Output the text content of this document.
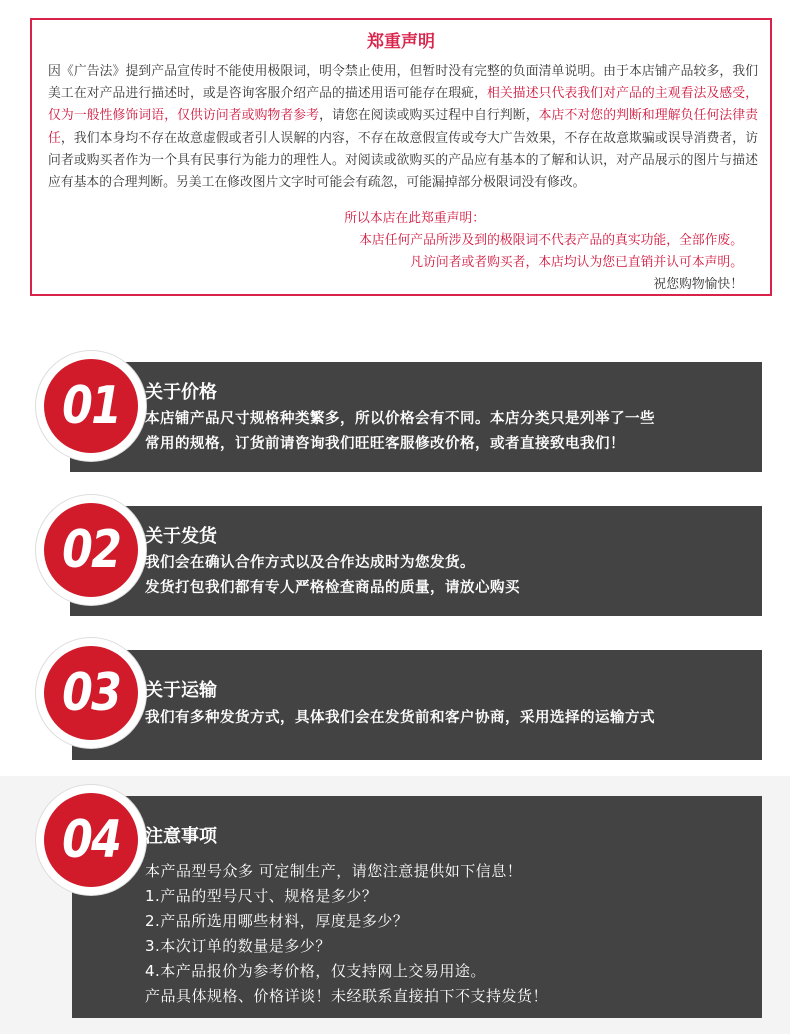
郑重声明
因《广告法》提到产品宣传时不能使用极限词，明令禁止使用，但暂时没有完整的负面清单说明。由于本店铺产品较多，我们美工在对产品进行描述时，或是咨询客服介绍产品的描述用语可能存在瑕疵，相关描述只代表我们对产品的主观看法及感受，仅为一般性修饰词语，仅供访问者或购物者参考，请您在阅读或购买过程中自行判断，本店不对您的判断和理解负任何法律责任，我们本身均不存在故意虚假或者引人误解的内容，不存在故意假宣传或夸大广告效果，不存在故意欺骗或误导消费者，访问者或购买者作为一个具有民事行为能力的理性人。对阅读或欲购买的产品应有基本的了解和认识，对产品展示的图片与描述应有基本的合理判断。另美工在修改图片文字时可能会有疏忽，可能漏掉部分极限词没有修改。
所以本店在此郑重声明：
本店任何产品所涉及到的极限词不代表产品的真实功能，全部作废。
凡访问者或者购买者，本店均认为您已直销并认可本声明。
祝您购物愉快！
01 关于价格
本店铺产品尺寸规格种类繁多，所以价格会有不同。本店分类只是列举了一些
常用的规格，订货前请咨询我们旺旺客服修改价格，或者直接致电我们！
02 关于发货
我们会在确认合作方式以及合作达成时为您发货。
发货打包我们都有专人严格检查商品的质量，请放心购买
03 关于运输
我们有多种发货方式，具体我们会在发货前和客户协商，采用选择的运输方式
04 注意事项
本产品型号众多 可定制生产，请您注意提供如下信息！
1.产品的型号尺寸、规格是多少？
2.产品所选用哪些材料，厚度是多少？
3.本次订单的数量是多少？
4.本产品报价为参考价格，仅支持网上交易用途。
产品具体规格、价格详谈！未经联系直接拍下不支持发货！
